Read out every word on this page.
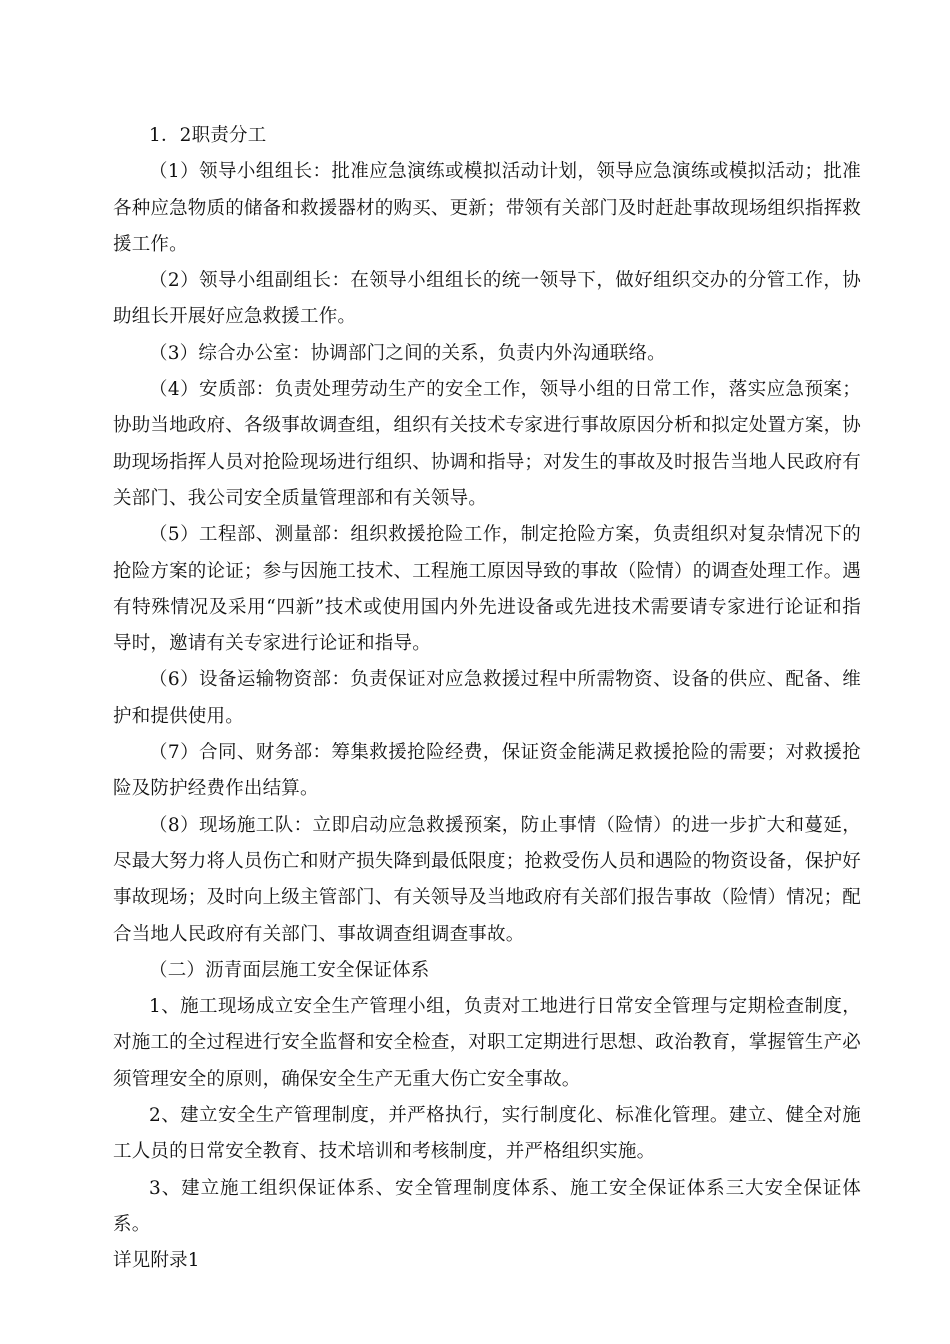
1．2职责分工

（1）领导小组组长：批准应急演练或模拟活动计划，领导应急演练或模拟活动；批准各种应急物质的储备和救援器材的购买、更新；带领有关部门及时赶赴事故现场组织指挥救援工作。

（2）领导小组副组长：在领导小组组长的统一领导下，做好组织交办的分管工作，协助组长开展好应急救援工作。

（3）综合办公室：协调部门之间的关系，负责内外沟通联络。

（4）安质部：负责处理劳动生产的安全工作，领导小组的日常工作，落实应急预案；协助当地政府、各级事故调查组，组织有关技术专家进行事故原因分析和拟定处置方案，协助现场指挥人员对抢险现场进行组织、协调和指导；对发生的事故及时报告当地人民政府有关部门、我公司安全质量管理部和有关领导。

（5）工程部、测量部：组织救援抢险工作，制定抢险方案，负责组织对复杂情况下的抢险方案的论证；参与因施工技术、工程施工原因导致的事故（险情）的调查处理工作。遇有特殊情况及采用“四新”技术或使用国内外先进设备或先进技术需要请专家进行论证和指导时，邀请有关专家进行论证和指导。

（6）设备运输物资部：负责保证对应急救援过程中所需物资、设备的供应、配备、维护和提供使用。

（7）合同、财务部：筹集救援抢险经费，保证资金能满足救援抢险的需要；对救援抢险及防护经费作出结算。

（8）现场施工队：立即启动应急救援预案，防止事情（险情）的进一步扩大和蔓延，尽最大努力将人员伤亡和财产损失降到最低限度；抢救受伤人员和遇险的物资设备，保护好事故现场；及时向上级主管部门、有关领导及当地政府有关部们报告事故（险情）情况；配合当地人民政府有关部门、事故调查组调查事故。

（二）沥青面层施工安全保证体系

1、施工现场成立安全生产管理小组，负责对工地进行日常安全管理与定期检查制度，对施工的全过程进行安全监督和安全检查，对职工定期进行思想、政治教育，掌握管生产必须管理安全的原则，确保安全生产无重大伤亡安全事故。

2、建立安全生产管理制度，并严格执行，实行制度化、标准化管理。建立、健全对施工人员的日常安全教育、技术培训和考核制度，并严格组织实施。

3、建立施工组织保证体系、安全管理制度体系、施工安全保证体系三大安全保证体系。

详见附录1
